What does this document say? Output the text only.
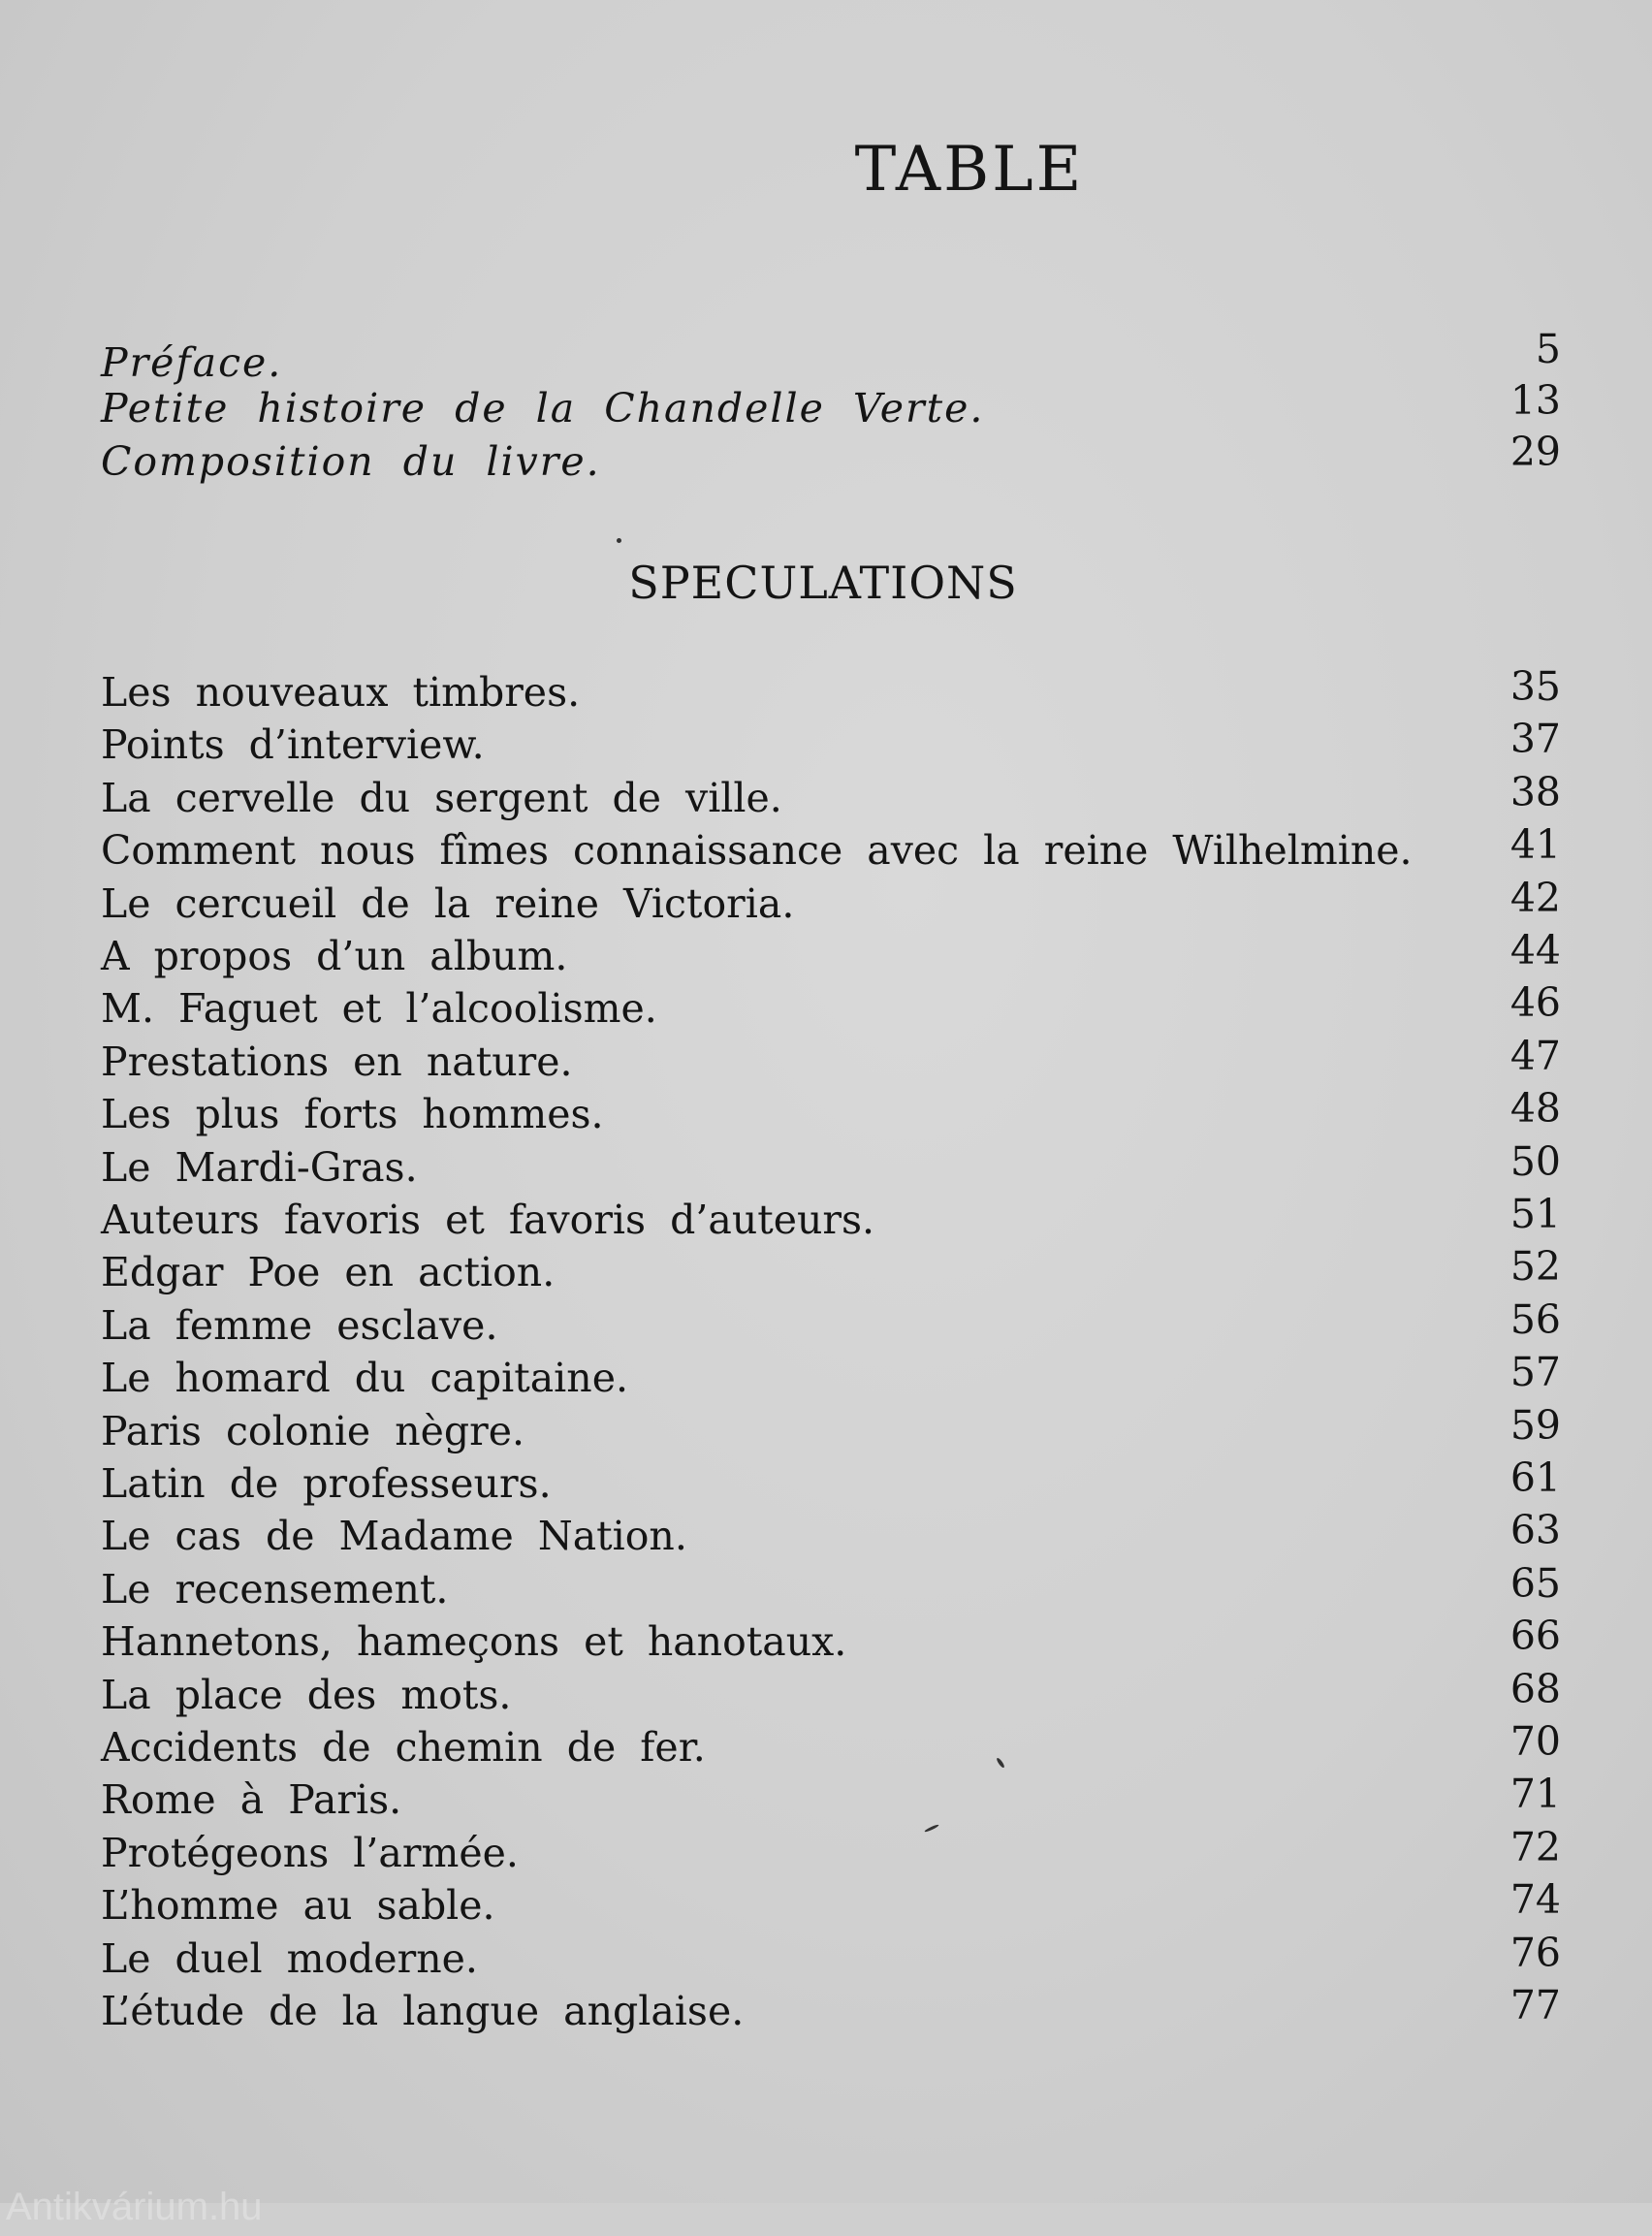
TABLE
Préface.	5
Petite histoire de la Chandelle Verte.	13
Composition du livre.	29
SPECULATIONS
Les nouveaux timbres.	35
Points d’interview.	37
La cervelle du sergent de ville.	38
Comment nous fîmes connaissance avec la reine Wilhelmine. 41
Le cercueil de la reine Victoria.	42
A propos d’un album.	44
M. Faguet et l’alcoolisme.	46
Prestations en nature.	47
Les plus forts hommes.	48
Le Mardi-Gras.	50
Auteurs favoris et favoris d’auteurs.	51
Edgar Poe en action.	52
La femme esclave.	56
Le homard du capitaine.	57
Paris colonie nègre.	59
Latin de professeurs.	61
Le cas de Madame Nation.	63
Le recensement.	65
Hannetons, hameçons et hanotaux.	66
La place des mots.	68
Accidents de chemin de fer.	70
Rome à Paris.	71
Protégeons l’armée.	72
L’homme au sable.	74
Le duel moderne.	76
L’étude de la langue anglaise.	77
Antikvárium.hu
